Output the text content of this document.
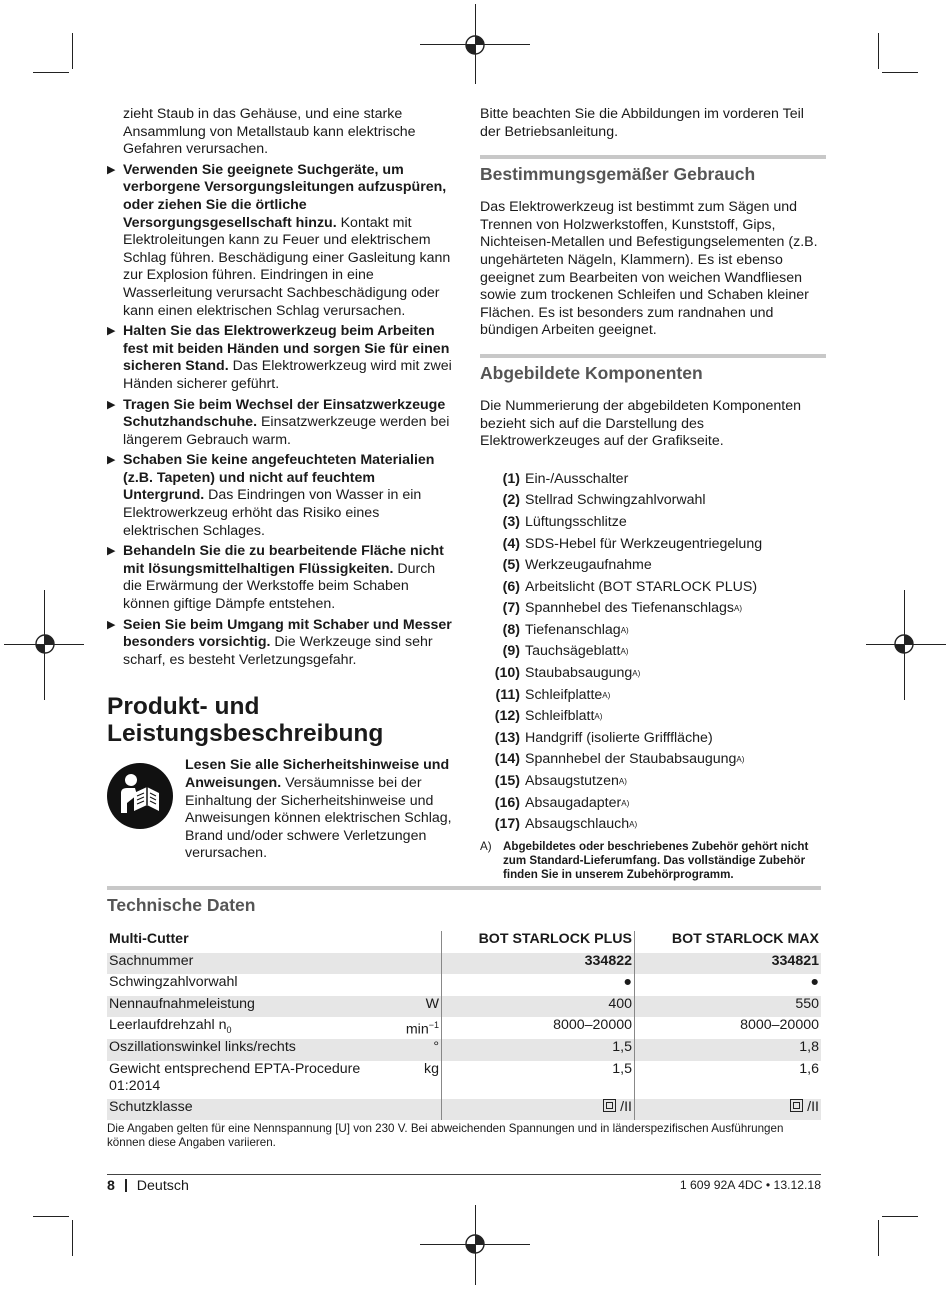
zieht Staub in das Gehäuse, und eine starke Ansammlung von Metallstaub kann elektrische Gefahren verursachen.

▶ Verwenden Sie geeignete Suchgeräte, um verborgene Versorgungsleitungen aufzuspüren, oder ziehen Sie die örtliche Versorgungsgesellschaft hinzu. Kontakt mit Elektroleitungen kann zu Feuer und elektrischem Schlag führen. Beschädigung einer Gasleitung kann zur Explosion führen. Eindringen in eine Wasserleitung verursacht Sachbeschädigung oder kann einen elektrischen Schlag verursachen.
▶ Halten Sie das Elektrowerkzeug beim Arbeiten fest mit beiden Händen und sorgen Sie für einen sicheren Stand. Das Elektrowerkzeug wird mit zwei Händen sicherer geführt.
▶ Tragen Sie beim Wechsel der Einsatzwerkzeuge Schutzhandschuhe. Einsatzwerkzeuge werden bei längerem Gebrauch warm.
▶ Schaben Sie keine angefeuchteten Materialien (z.B. Tapeten) und nicht auf feuchtem Untergrund. Das Eindringen von Wasser in ein Elektrowerkzeug erhöht das Risiko eines elektrischen Schlages.
▶ Behandeln Sie die zu bearbeitende Fläche nicht mit lösungsmittelhaltigen Flüssigkeiten. Durch die Erwärmung der Werkstoffe beim Schaben können giftige Dämpfe entstehen.
▶ Seien Sie beim Umgang mit Schaber und Messer besonders vorsichtig. Die Werkzeuge sind sehr scharf, es besteht Verletzungsgefahr.
Produkt- und Leistungsbeschreibung
Lesen Sie alle Sicherheitshinweise und Anweisungen. Versäumnisse bei der Einhaltung der Sicherheitshinweise und Anweisungen können elektrischen Schlag, Brand und/oder schwere Verletzungen verursachen.

Bitte beachten Sie die Abbildungen im vorderen Teil der Betriebsanleitung.

Bestimmungsgemäßer Gebrauch

Das Elektrowerkzeug ist bestimmt zum Sägen und Trennen von Holzwerkstoffen, Kunststoff, Gips, Nichteisen-Metallen und Befestigungselementen (z.B. ungehärteten Nägeln, Klammern). Es ist ebenso geeignet zum Bearbeiten von weichen Wandfliesen sowie zum trockenen Schleifen und Schaben kleiner Flächen. Es ist besonders zum randnahen und bündigen Arbeiten geeignet.

Abgebildete Komponenten

Die Nummerierung der abgebildeten Komponenten bezieht sich auf die Darstellung des Elektrowerkzeuges auf der Grafikseite.

(1) Ein-/Ausschalter
(2) Stellrad Schwingzahlvorwahl
(3) Lüftungsschlitze
(4) SDS-Hebel für Werkzeugentriegelung
(5) Werkzeugaufnahme
(6) Arbeitslicht (BOT STARLOCK PLUS)
(7) Spannhebel des Tiefenanschlags A)
(8) Tiefenanschlag A)
(9) Tauchsägeblatt A)
(10) Staubabsaugung A)
(11) Schleifplatte A)
(12) Schleifblatt A)
(13) Handgriff (isolierte Grifffläche)
(14) Spannhebel der Staubabsaugung A)
(15) Absaugstutzen A)
(16) Absaugadapter A)
(17) Absaugschlauch A)
A) Abgebildetes oder beschriebenes Zubehör gehört nicht zum Standard-Lieferumfang. Das vollständige Zubehör finden Sie in unserem Zubehörprogramm.
Technische Daten
Multi-Cutter		BOT STARLOCK PLUS	BOT STARLOCK MAX
Sachnummer		334822	334821
Schwingzahlvorwahl		●	●
Nennaufnahmeleistung	W	400	550
Leerlaufdrehzahl $n_0$	$\min^{-1}$	8000–20000	8000–20000
Oszillationswinkel links/rechts	°	1,5	1,8
Gewicht entsprechend EPTA-Procedure 01:2014	kg	1,5	1,6
Schutzklasse		/II	/II
Die Angaben gelten für eine Nennspannung [U] von 230 V. Bei abweichenden Spannungen und in länderspezifischen Ausführungen können diese Angaben variieren.
8 Deutsch	1 609 92A 4DC • 13.12.18
